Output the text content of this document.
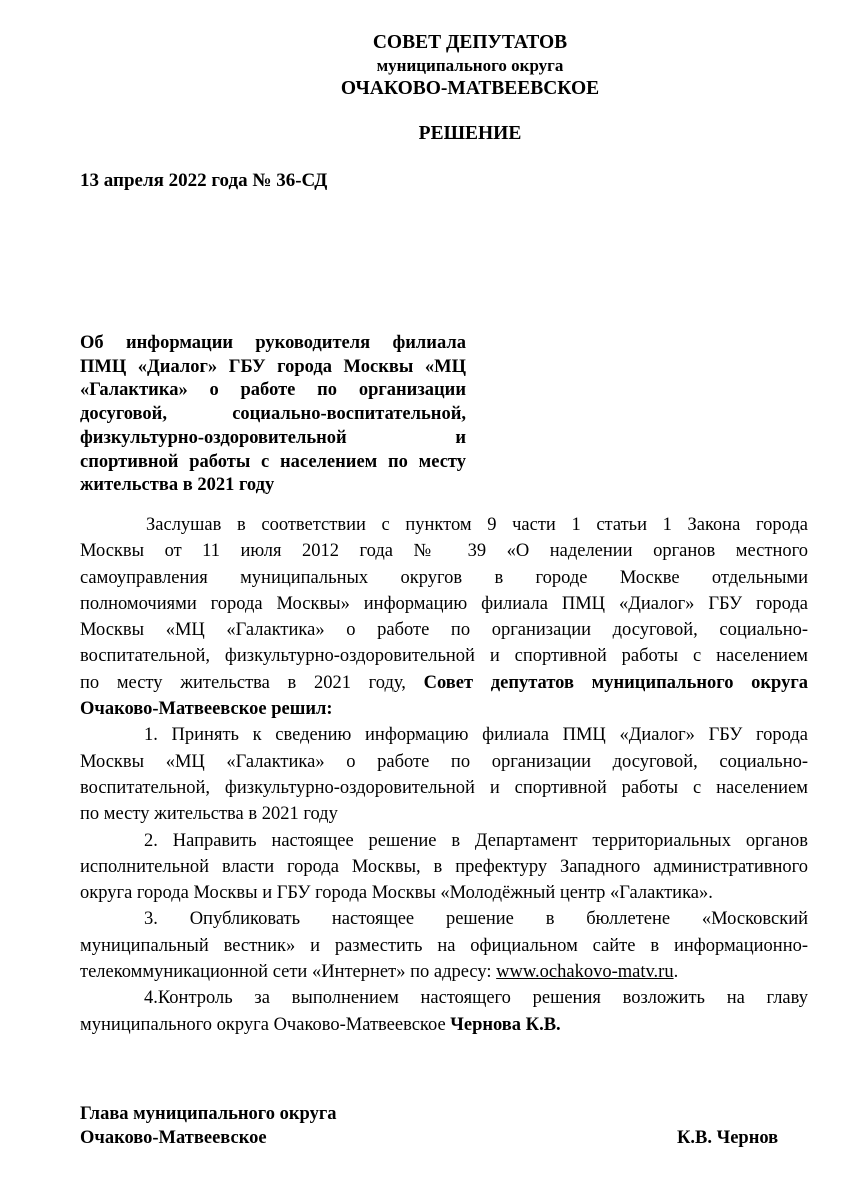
СОВЕТ ДЕПУТАТОВ
муниципального округа
ОЧАКОВО-МАТВЕЕВСКОЕ
РЕШЕНИЕ
13 апреля 2022 года № 36-СД
Об информации руководителя филиала
ПМЦ «Диалог» ГБУ города Москвы «МЦ
«Галактика» о работе по организации
досуговой, социально-воспитательной,
физкультурно-оздоровительной и
спортивной работы с населением по месту
жительства в 2021 году
Заслушав в соответствии с пунктом 9 части 1 статьи 1 Закона города
Москвы от 11 июля 2012 года № 39 «О наделении органов местного
самоуправления муниципальных округов в городе Москве отдельными
полномочиями города Москвы» информацию филиала ПМЦ «Диалог» ГБУ города
Москвы «МЦ «Галактика» о работе по организации досуговой, социально-
воспитательной, физкультурно-оздоровительной и спортивной работы с населением
по месту жительства в 2021 году, Совет депутатов муниципального округа
Очаково-Матвеевское решил:
1. Принять к сведению информацию филиала ПМЦ «Диалог» ГБУ города
Москвы «МЦ «Галактика» о работе по организации досуговой, социально-
воспитательной, физкультурно-оздоровительной и спортивной работы с населением
по месту жительства в 2021 году
2. Направить настоящее решение в Департамент территориальных органов
исполнительной власти города Москвы, в префектуру Западного административного
округа города Москвы и ГБУ города Москвы «Молодёжный центр «Галактика».
3. Опубликовать настоящее решение в бюллетене «Московский
муниципальный вестник» и разместить на официальном сайте в информационно-
телекоммуникационной сети «Интернет» по адресу: www.ochakovo-matv.ru.
4.Контроль за выполнением настоящего решения возложить на главу
муниципального округа Очаково-Матвеевское Чернова К.В.
Глава муниципального округа
Очаково-Матвеевское	К.В. Чернов
